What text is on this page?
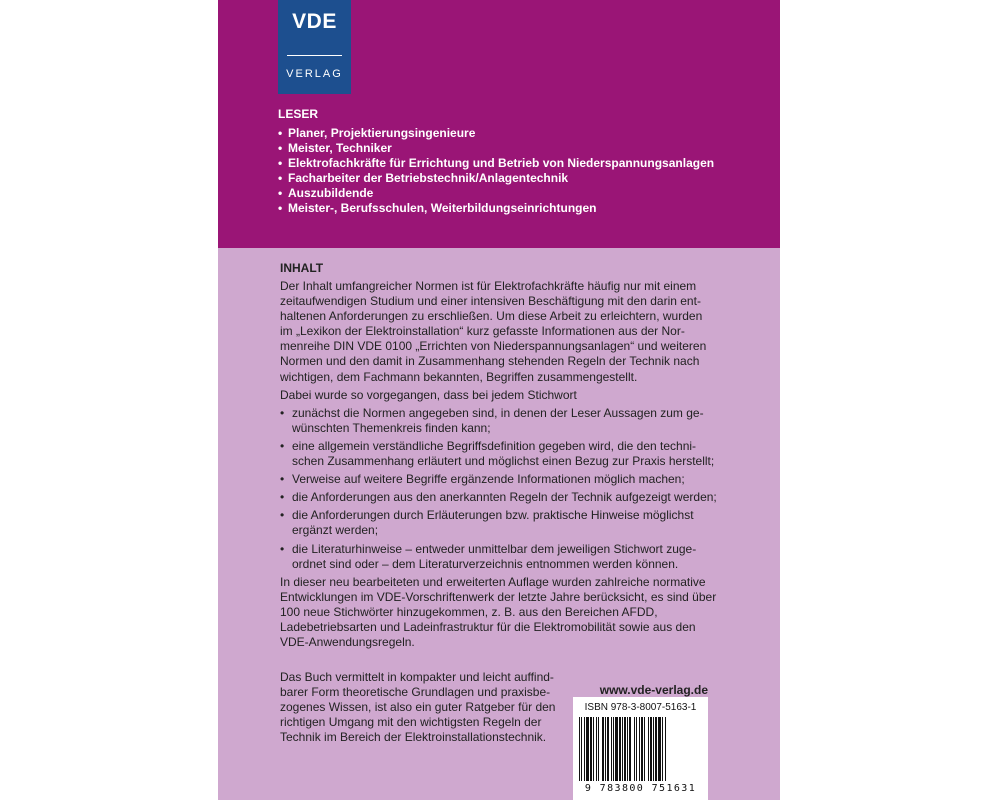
VDE
VERLAG
LESER
• Planer, Projektierungsingenieure
• Meister, Techniker
• Elektrofachkräfte für Errichtung und Betrieb von Niederspannungsanlagen
• Facharbeiter der Betriebstechnik/Anlagentechnik
• Auszubildende
• Meister-, Berufsschulen, Weiterbildungseinrichtungen
INHALT

Der Inhalt umfangreicher Normen ist für Elektrofachkräfte häufig nur mit einem zeitaufwendigen Studium und einer intensiven Beschäftigung mit den darin enthaltenen Anforderungen zu erschließen. Um diese Arbeit zu erleichtern, wurden im „Lexikon der Elektroinstallation“ kurz gefasste Informationen aus der Normenreihe DIN VDE 0100 „Errichten von Niederspannungsanlagen“ und weiteren Normen und den damit in Zusammenhang stehenden Regeln der Technik nach wichtigen, dem Fachmann bekannten, Begriffen zusammengestellt.

Dabei wurde so vorgegangen, dass bei jedem Stichwort

• zunächst die Normen angegeben sind, in denen der Leser Aussagen zum gewünschten Themenkreis finden kann;
• eine allgemein verständliche Begriffsdefinition gegeben wird, die den technischen Zusammenhang erläutert und möglichst einen Bezug zur Praxis herstellt;
• Verweise auf weitere Begriffe ergänzende Informationen möglich machen;
• die Anforderungen aus den anerkannten Regeln der Technik aufgezeigt werden;
• die Anforderungen durch Erläuterungen bzw. praktische Hinweise möglichst ergänzt werden;
• die Literaturhinweise – entweder unmittelbar dem jeweiligen Stichwort zugeordnet sind oder – dem Literaturverzeichnis entnommen werden können.

In dieser neu bearbeiteten und erweiterten Auflage wurden zahlreiche normative Entwicklungen im VDE-Vorschriftenwerk der letzte Jahre berücksicht, es sind über 100 neue Stichwörter hinzugekommen, z. B. aus den Bereichen AFDD, Ladebetriebsarten und Ladeinfrastruktur für die Elektromobilität sowie aus den VDE-Anwendungsregeln.

Das Buch vermittelt in kompakter und leicht auffindbarer Form theoretische Grundlagen und praxisbezogenes Wissen, ist also ein guter Ratgeber für den richtigen Umgang mit den wichtigsten Regeln der Technik im Bereich der Elektroinstallationstechnik.

www.vde-verlag.de
ISBN 978-3-8007-5163-1
9 783800 751631
